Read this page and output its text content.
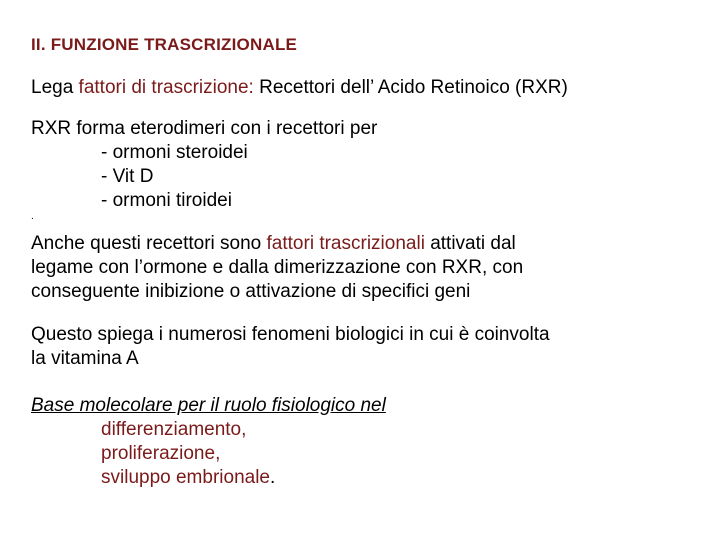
II. FUNZIONE TRASCRIZIONALE
Lega fattori di trascrizione: Recettori dell’ Acido Retinoico (RXR)
RXR forma eterodimeri con i recettori per
- ormoni steroidei
- Vit D
- ormoni tiroidei
.
Anche questi recettori sono fattori trascrizionali attivati dal
legame con l’ormone e dalla dimerizzazione con RXR, con
conseguente inibizione o attivazione di specifici geni
Questo spiega i numerosi fenomeni biologici in cui è coinvolta
la vitamina A
Base molecolare per il ruolo fisiologico nel
differenziamento,
proliferazione,
sviluppo embrionale.
